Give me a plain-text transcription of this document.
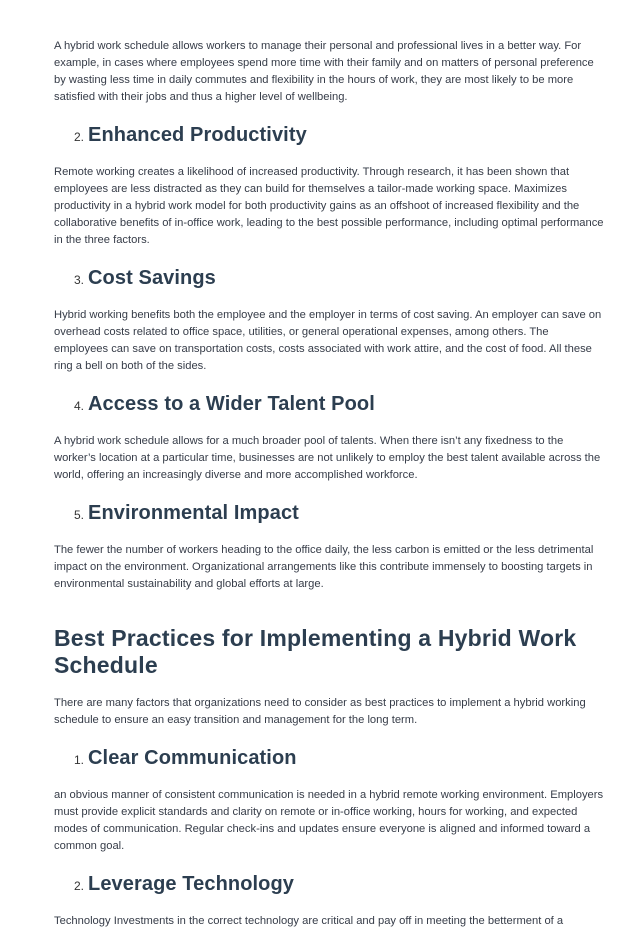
A hybrid work schedule allows workers to manage their personal and professional lives in a better way. For example, in cases where employees spend more time with their family and on matters of personal preference by wasting less time in daily commutes and flexibility in the hours of work, they are most likely to be more satisfied with their jobs and thus a higher level of wellbeing.

2. Enhanced Productivity

Remote working creates a likelihood of increased productivity. Through research, it has been shown that employees are less distracted as they can build for themselves a tailor-made working space. Maximizes productivity in a hybrid work model for both productivity gains as an offshoot of increased flexibility and the collaborative benefits of in-office work, leading to the best possible performance, including optimal performance in the three factors.

3. Cost Savings

Hybrid working benefits both the employee and the employer in terms of cost saving. An employer can save on overhead costs related to office space, utilities, or general operational expenses, among others. The employees can save on transportation costs, costs associated with work attire, and the cost of food. All these ring a bell on both of the sides.

4. Access to a Wider Talent Pool

A hybrid work schedule allows for a much broader pool of talents. When there isn’t any fixedness to the worker’s location at a particular time, businesses are not unlikely to employ the best talent available across the world, offering an increasingly diverse and more accomplished workforce.

5. Environmental Impact

The fewer the number of workers heading to the office daily, the less carbon is emitted or the less detrimental impact on the environment. Organizational arrangements like this contribute immensely to boosting targets in environmental sustainability and global efforts at large.

Best Practices for Implementing a Hybrid Work Schedule

There are many factors that organizations need to consider as best practices to implement a hybrid working schedule to ensure an easy transition and management for the long term.

1. Clear Communication

an obvious manner of consistent communication is needed in a hybrid remote working environment. Employers must provide explicit standards and clarity on remote or in-office working, hours for working, and expected modes of communication. Regular check-ins and updates ensure everyone is aligned and informed toward a common goal.

2. Leverage Technology

Technology Investments in the correct technology are critical and pay off in meeting the betterment of a
